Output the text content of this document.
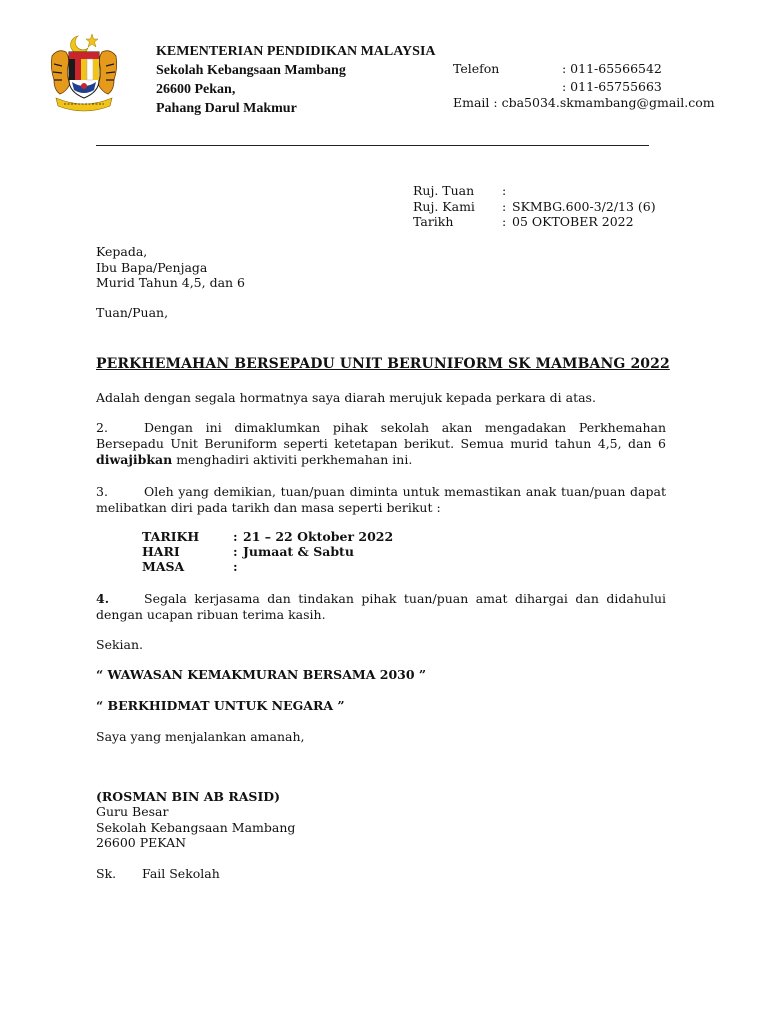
KEMENTERIAN PENDIDIKAN MALAYSIA
Sekolah Kebangsaan Mambang
26600 Pekan,
Pahang Darul Makmur
Telefon	: 011-65566542
: 011-65755663
Email : cba5034.skmambang@gmail.com
Ruj. Tuan :
Ruj. Kami : SKMBG.600-3/2/13 (6)
Tarikh	: 05 OKTOBER 2022
Kepada,
Ibu Bapa/Penjaga
Murid Tahun 4,5, dan 6
Tuan/Puan,
PERKHEMAHAN BERSEPADU UNIT BERUNIFORM SK MAMBANG 2022
Adalah dengan segala hormatnya saya diarah merujuk kepada perkara di atas.
2.	Dengan ini dimaklumkan pihak sekolah akan mengadakan Perkhemahan Bersepadu Unit Beruniform seperti ketetapan berikut. Semua murid tahun 4,5, dan 6 diwajibkan menghadiri aktiviti perkhemahan ini.
3.	Oleh yang demikian, tuan/puan diminta untuk memastikan anak tuan/puan dapat melibatkan diri pada tarikh dan masa seperti berikut :
TARIKH	: 21 – 22 Oktober 2022
HARI	: Jumaat & Sabtu
MASA	:
4.	Segala kerjasama dan tindakan pihak tuan/puan amat dihargai dan didahului dengan ucapan ribuan terima kasih.
Sekian.
“ WAWASAN KEMAKMURAN BERSAMA 2030 ”
“ BERKHIDMAT UNTUK NEGARA ”
Saya yang menjalankan amanah,
(ROSMAN BIN AB RASID)
Guru Besar
Sekolah Kebangsaan Mambang
26600 PEKAN
Sk. Fail Sekolah
